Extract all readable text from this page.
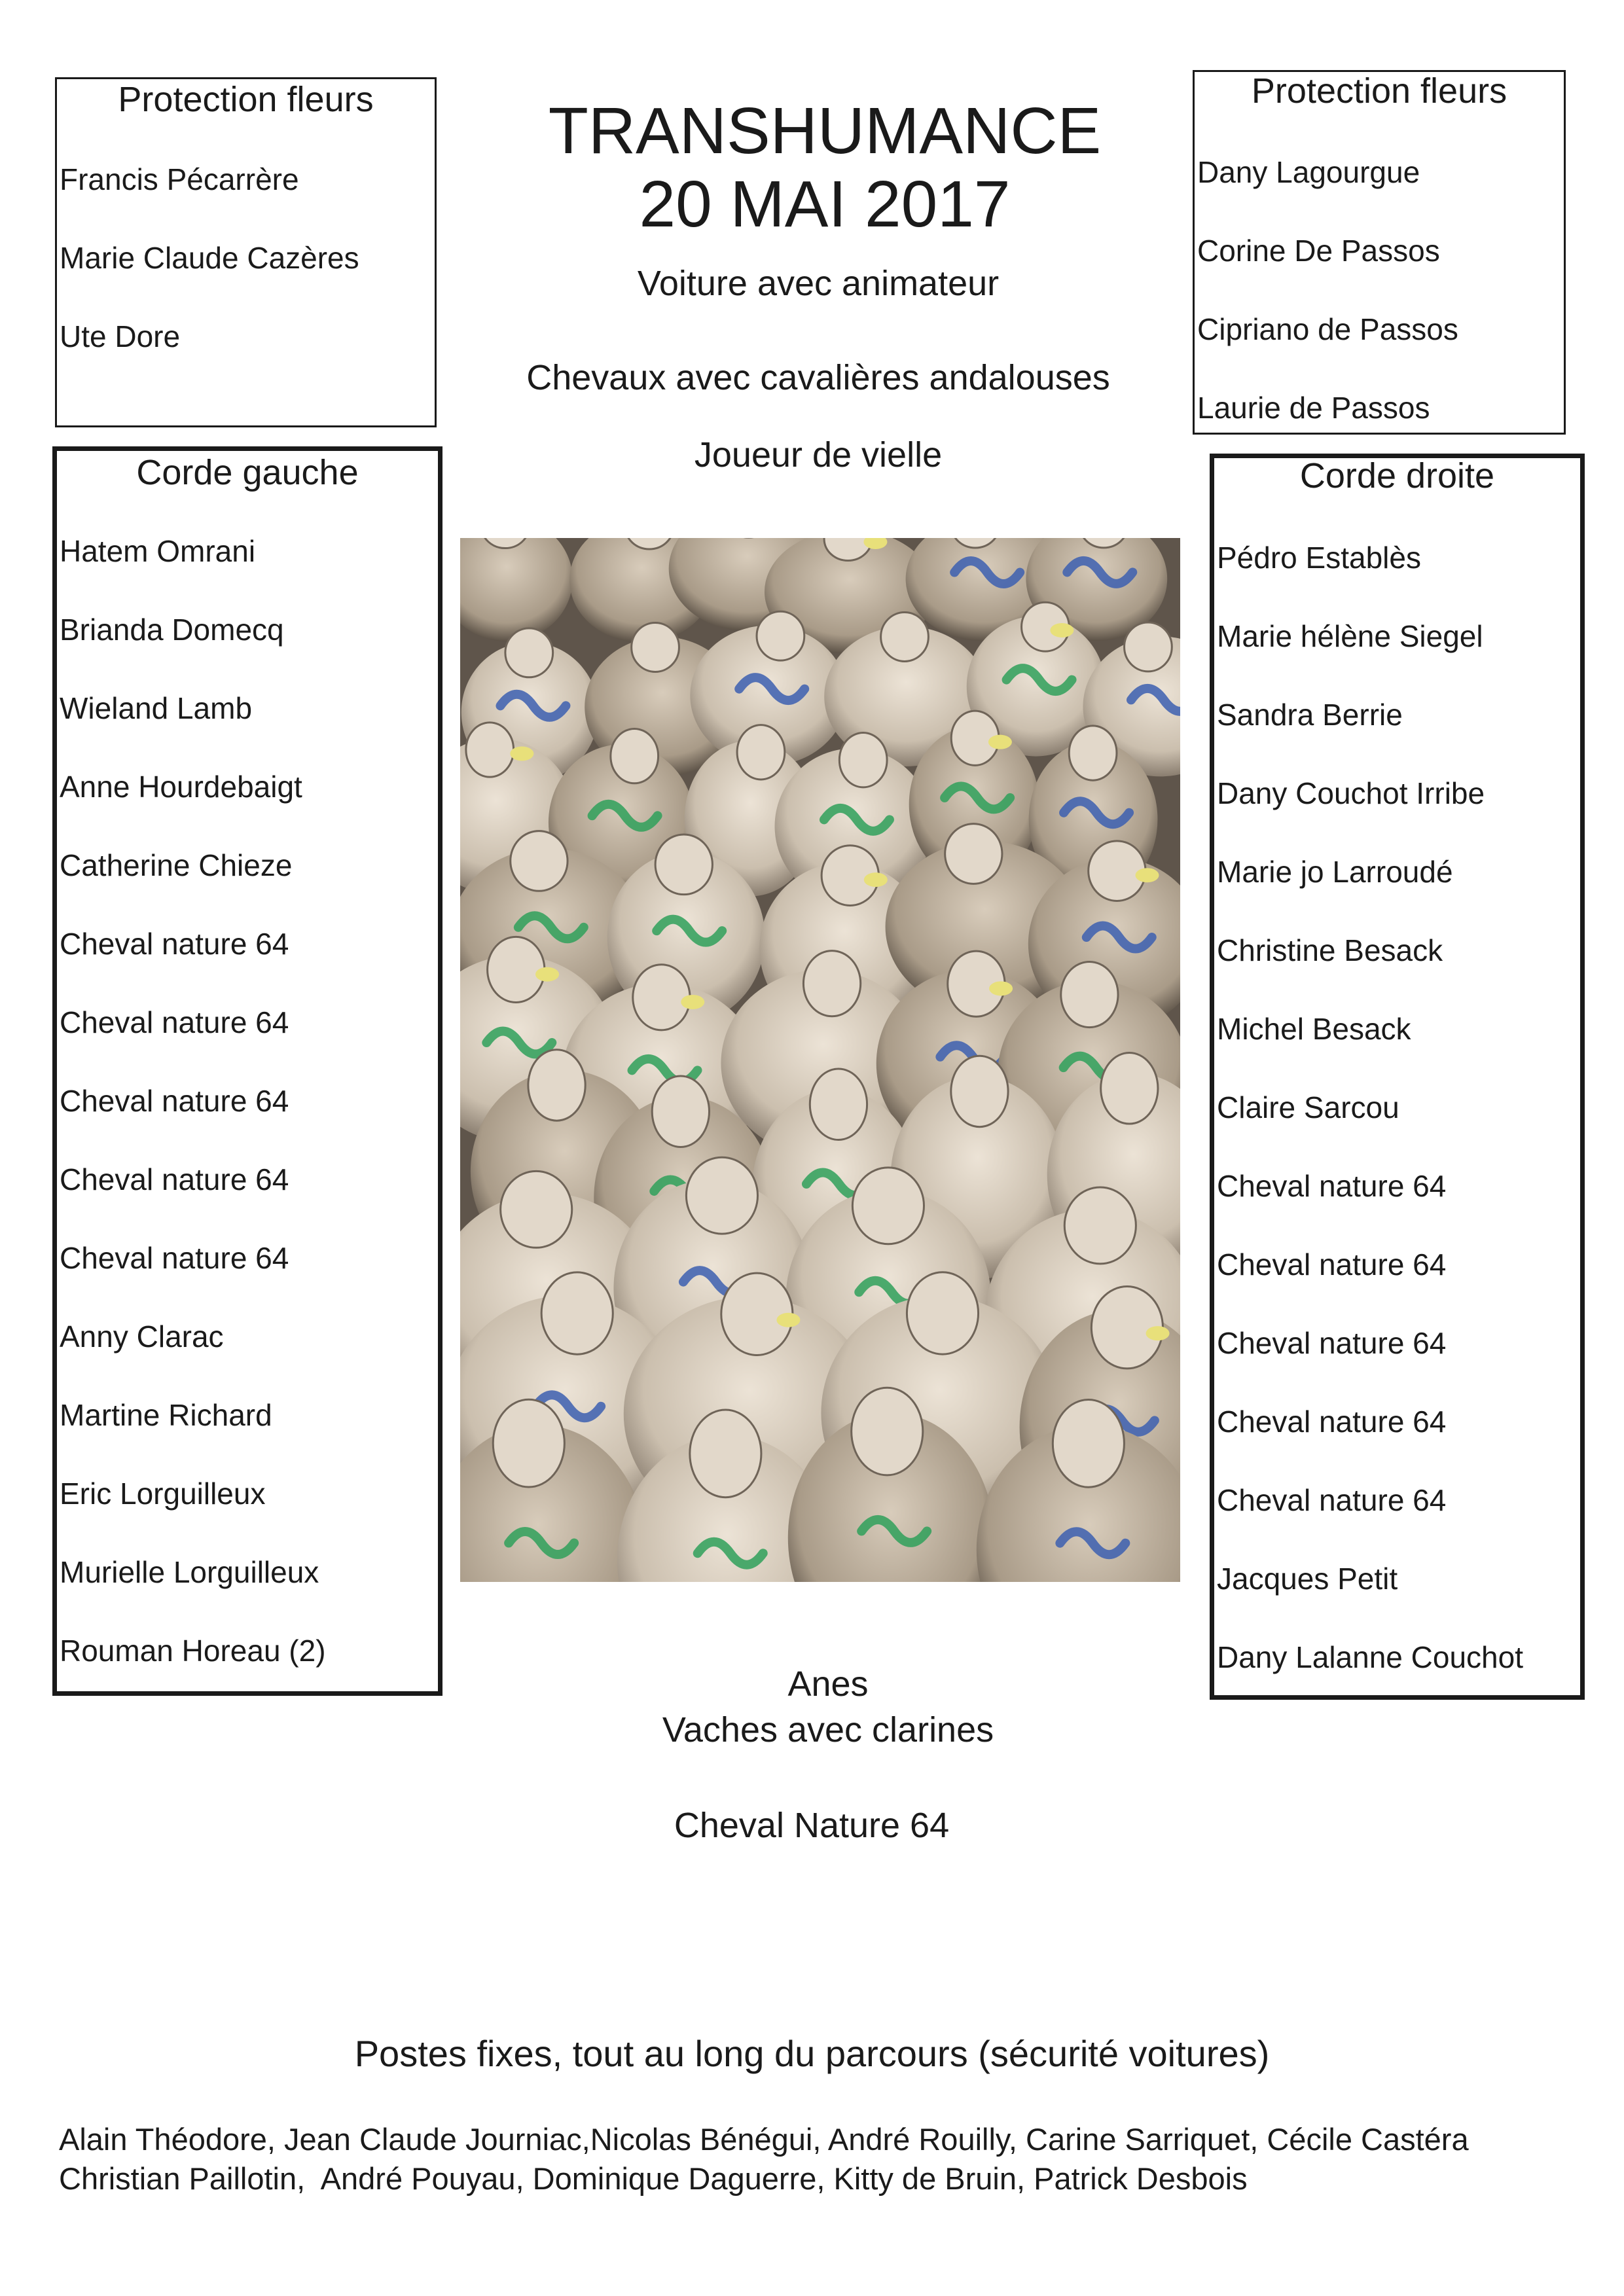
TRANSHUMANCE
20 MAI 2017
Voiture avec animateur
Chevaux avec cavalières andalouses
Joueur de vielle
Protection fleurs
Francis Pécarrère
Marie Claude Cazères
Ute Dore
Protection fleurs
Dany Lagourgue
Corine De Passos
Cipriano de Passos
Laurie de Passos
Corde gauche
Hatem Omrani
Brianda Domecq
Wieland Lamb
Anne Hourdebaigt
Catherine Chieze
Cheval nature 64
Cheval nature 64
Cheval nature 64
Cheval nature 64
Cheval nature 64
Anny Clarac
Martine Richard
Eric Lorguilleux
Murielle Lorguilleux
Rouman Horeau (2)
Corde droite
Pédro Establès
Marie hélène Siegel
Sandra Berrie
Dany Couchot Irribe
Marie jo Larroudé
Christine Besack
Michel Besack
Claire Sarcou
Cheval nature 64
Cheval nature 64
Cheval nature 64
Cheval nature 64
Cheval nature 64
Jacques Petit
Dany Lalanne Couchot
Anes
Vaches avec clarines
Cheval Nature 64
Postes fixes, tout au long du parcours (sécurité voitures)
Alain Théodore, Jean Claude Journiac,Nicolas Bénégui, André Rouilly, Carine Sarriquet, Cécile Castéra
Christian Paillotin,  André Pouyau, Dominique Daguerre, Kitty de Bruin, Patrick Desbois
